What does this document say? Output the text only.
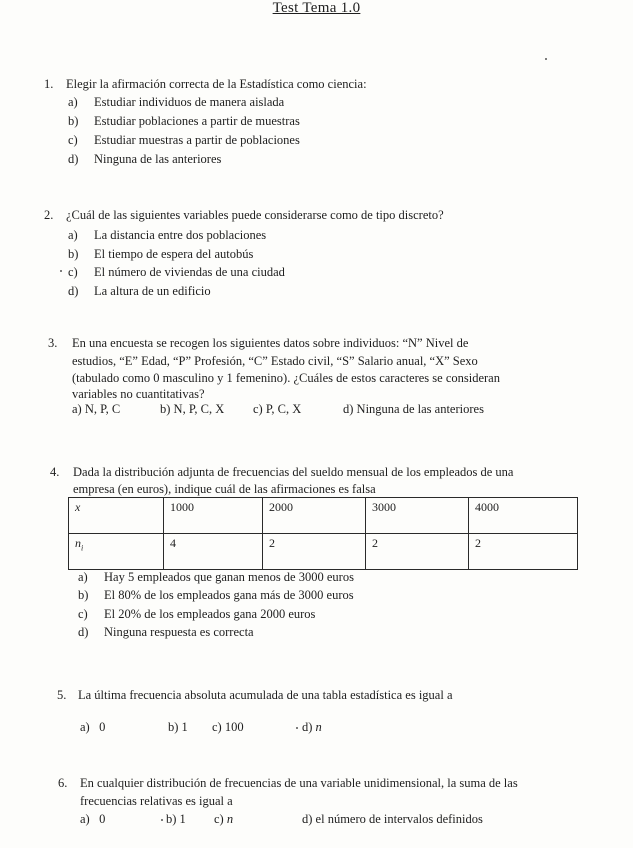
Test Tema 1.0
1. Elegir la afirmación correcta de la Estadística como ciencia:
a) Estudiar individuos de manera aislada
b) Estudiar poblaciones a partir de muestras
c) Estudiar muestras a partir de poblaciones
d) Ninguna de las anteriores
2. ¿Cuál de las siguientes variables puede considerarse como de tipo discreto?
a) La distancia entre dos poblaciones
b) El tiempo de espera del autobús
c) El número de viviendas de una ciudad
d) La altura de un edificio
3. En una encuesta se recogen los siguientes datos sobre individuos: “N” Nivel de
estudios, “E” Edad, “P” Profesión, “C” Estado civil, “S” Salario anual, “X” Sexo
(tabulado como 0 masculino y 1 femenino). ¿Cuáles de estos caracteres se consideran
variables no cuantitativas?
a) N, P, C	b) N, P, C, X c) P, C, X	d) Ninguna de las anteriores
4. Dada la distribución adjunta de frecuencias del sueldo mensual de los empleados de una
empresa (en euros), indique cuál de las afirmaciones es falsa
x	1000	2000	3000	4000
$n_i$	4	2	2	2
a) Hay 5 empleados que ganan menos de 3000 euros
b) El 80% de los empleados gana más de 3000 euros
c) El 20% de los empleados gana 2000 euros
d) Ninguna respuesta es correcta
5. La última frecuencia absoluta acumulada de una tabla estadística es igual a
a) 0	b) 1 c) 100	d) n
6. En cualquier distribución de frecuencias de una variable unidimensional, la suma de las
frecuencias relativas es igual a
a) 0	b) 1 c) n	d) el número de intervalos definidos
